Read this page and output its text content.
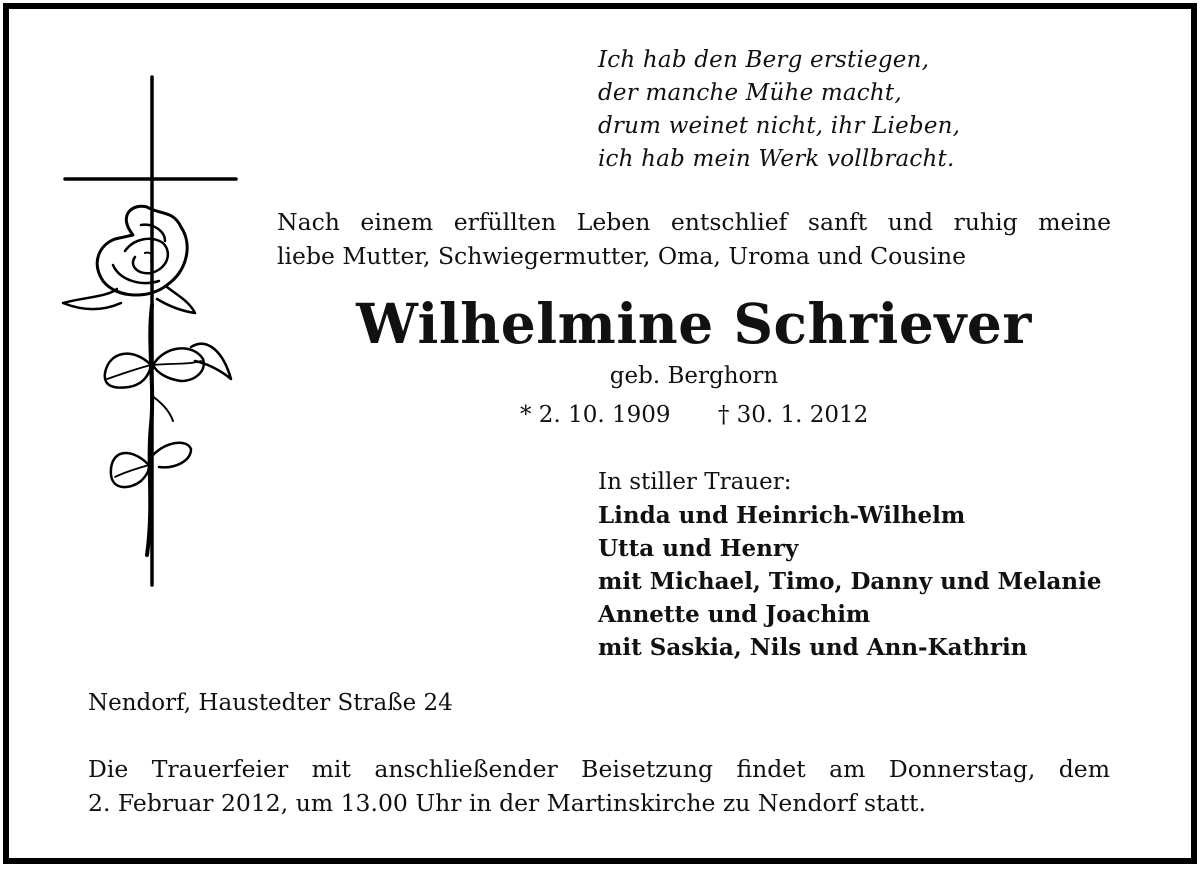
Ich hab den Berg erstiegen,
der manche Mühe macht,
drum weinet nicht, ihr Lieben,
ich hab mein Werk vollbracht.
Nach einem erfüllten Leben entschlief sanft und ruhig meine
liebe Mutter, Schwiegermutter, Oma, Uroma und Cousine
Wilhelmine Schriever
geb. Berghorn
* 2. 10. 1909 † 30. 1. 2012
In stiller Trauer:
Linda und Heinrich-Wilhelm
Utta und Henry
mit Michael, Timo, Danny und Melanie
Annette und Joachim
mit Saskia, Nils und Ann-Kathrin
Nendorf, Haustedter Straße 24
Die Trauerfeier mit anschließender Beisetzung findet am Donnerstag, dem
2. Februar 2012, um 13.00 Uhr in der Martinskirche zu Nendorf statt.
